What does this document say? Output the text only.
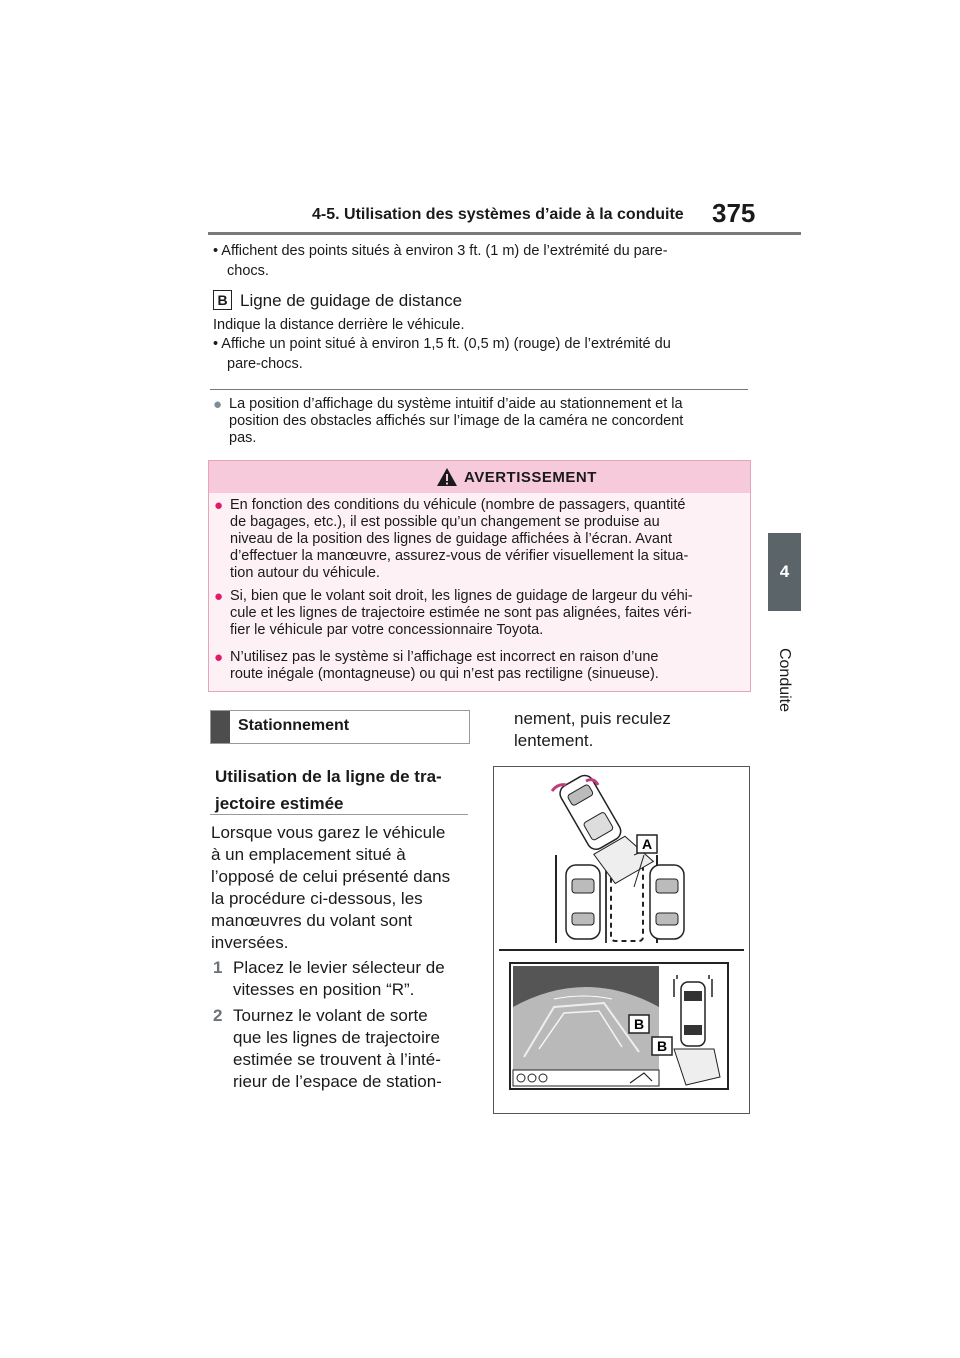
4-5. Utilisation des systèmes d’aide à la conduite 375
4
Conduite
• Affichent des points situés à environ 3 ft. (1 m) de l’extrémité du pare-
chocs.
B Ligne de guidage de distance
Indique la distance derrière le véhicule.
• Affiche un point situé à environ 1,5 ft. (0,5 m) (rouge) de l’extrémité du
pare-chocs.
● La position d’affichage du système intuitif d’aide au stationnement et la
position des obstacles affichés sur l’image de la caméra ne concordent
pas.
AVERTISSEMENT
● En fonction des conditions du véhicule (nombre de passagers, quantité
de bagages, etc.), il est possible qu’un changement se produise au
niveau de la position des lignes de guidage affichées à l’écran. Avant
d’effectuer la manœuvre, assurez-vous de vérifier visuellement la situa-
tion autour du véhicule.
● Si, bien que le volant soit droit, les lignes de guidage de largeur du véhi-
cule et les lignes de trajectoire estimée ne sont pas alignées, faites véri-
fier le véhicule par votre concessionnaire Toyota.
● N’utilisez pas le système si l’affichage est incorrect en raison d’une
route inégale (montagneuse) ou qui n’est pas rectiligne (sinueuse).
Stationnement
Utilisation de la ligne de tra-
jectoire estimée
Lorsque vous garez le véhicule
à un emplacement situé à
l’opposé de celui présenté dans
la procédure ci-dessous, les
manœuvres du volant sont
inversées.
1 Placez le levier sélecteur de
vitesses en position “R”.
2 Tournez le volant de sorte
que les lignes de trajectoire
estimée se trouvent à l’inté-
rieur de l’espace de station-
nement, puis reculez
lentement.
A
B
B
